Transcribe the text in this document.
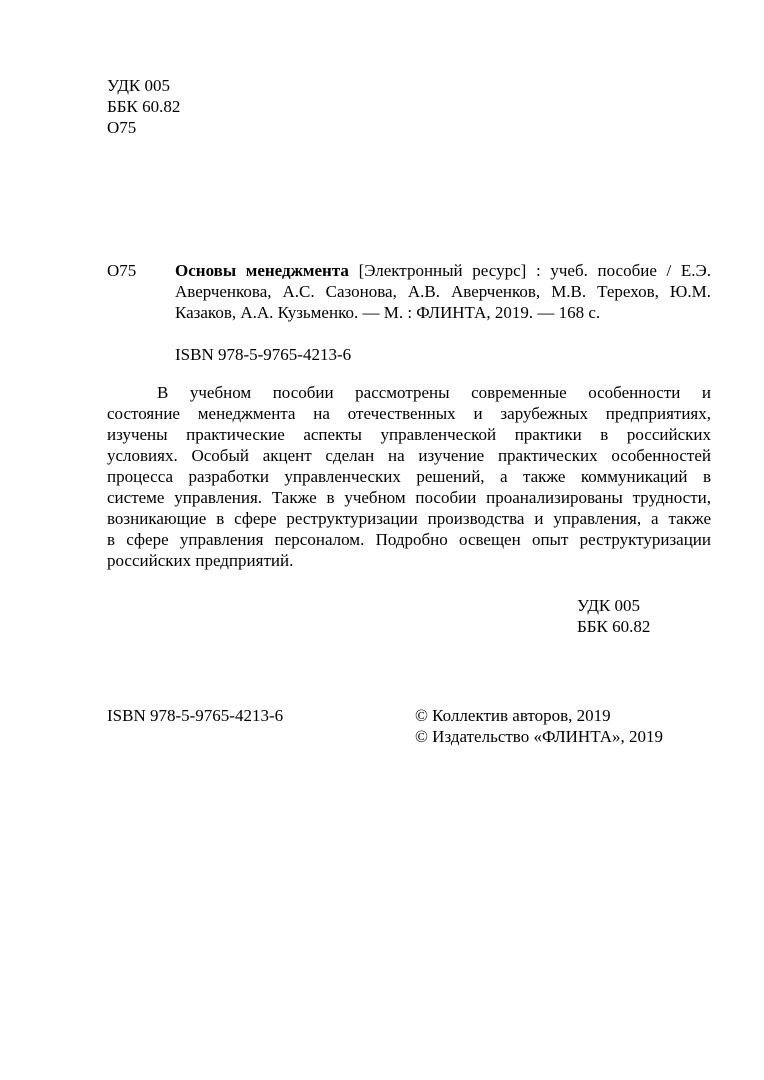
УДК 005
ББК 60.82
О75
О75 Основы менеджмента [Электронный ресурс] : учеб. пособие / Е.Э.
Аверченкова, А.С. Сазонова, А.В. Аверченков, М.В. Терехов, Ю.М.
Казаков, А.А. Кузьменко. — М. : ФЛИНТА, 2019. — 168 с.
ISBN 978-5-9765-4213-6
В учебном пособии рассмотрены современные особенности и
состояние менеджмента на отечественных и зарубежных предприятиях,
изучены практические аспекты управленческой практики в российских
условиях. Особый акцент сделан на изучение практических особенностей
процесса разработки управленческих решений, а также коммуникаций в
системе управления. Также в учебном пособии проанализированы трудности,
возникающие в сфере реструктуризации производства и управления, а также
в сфере управления персоналом. Подробно освещен опыт реструктуризации
российских предприятий.
УДК 005
ББК 60.82
ISBN 978-5-9765-4213-6	© Коллектив авторов, 2019
© Издательство «ФЛИНТА», 2019
